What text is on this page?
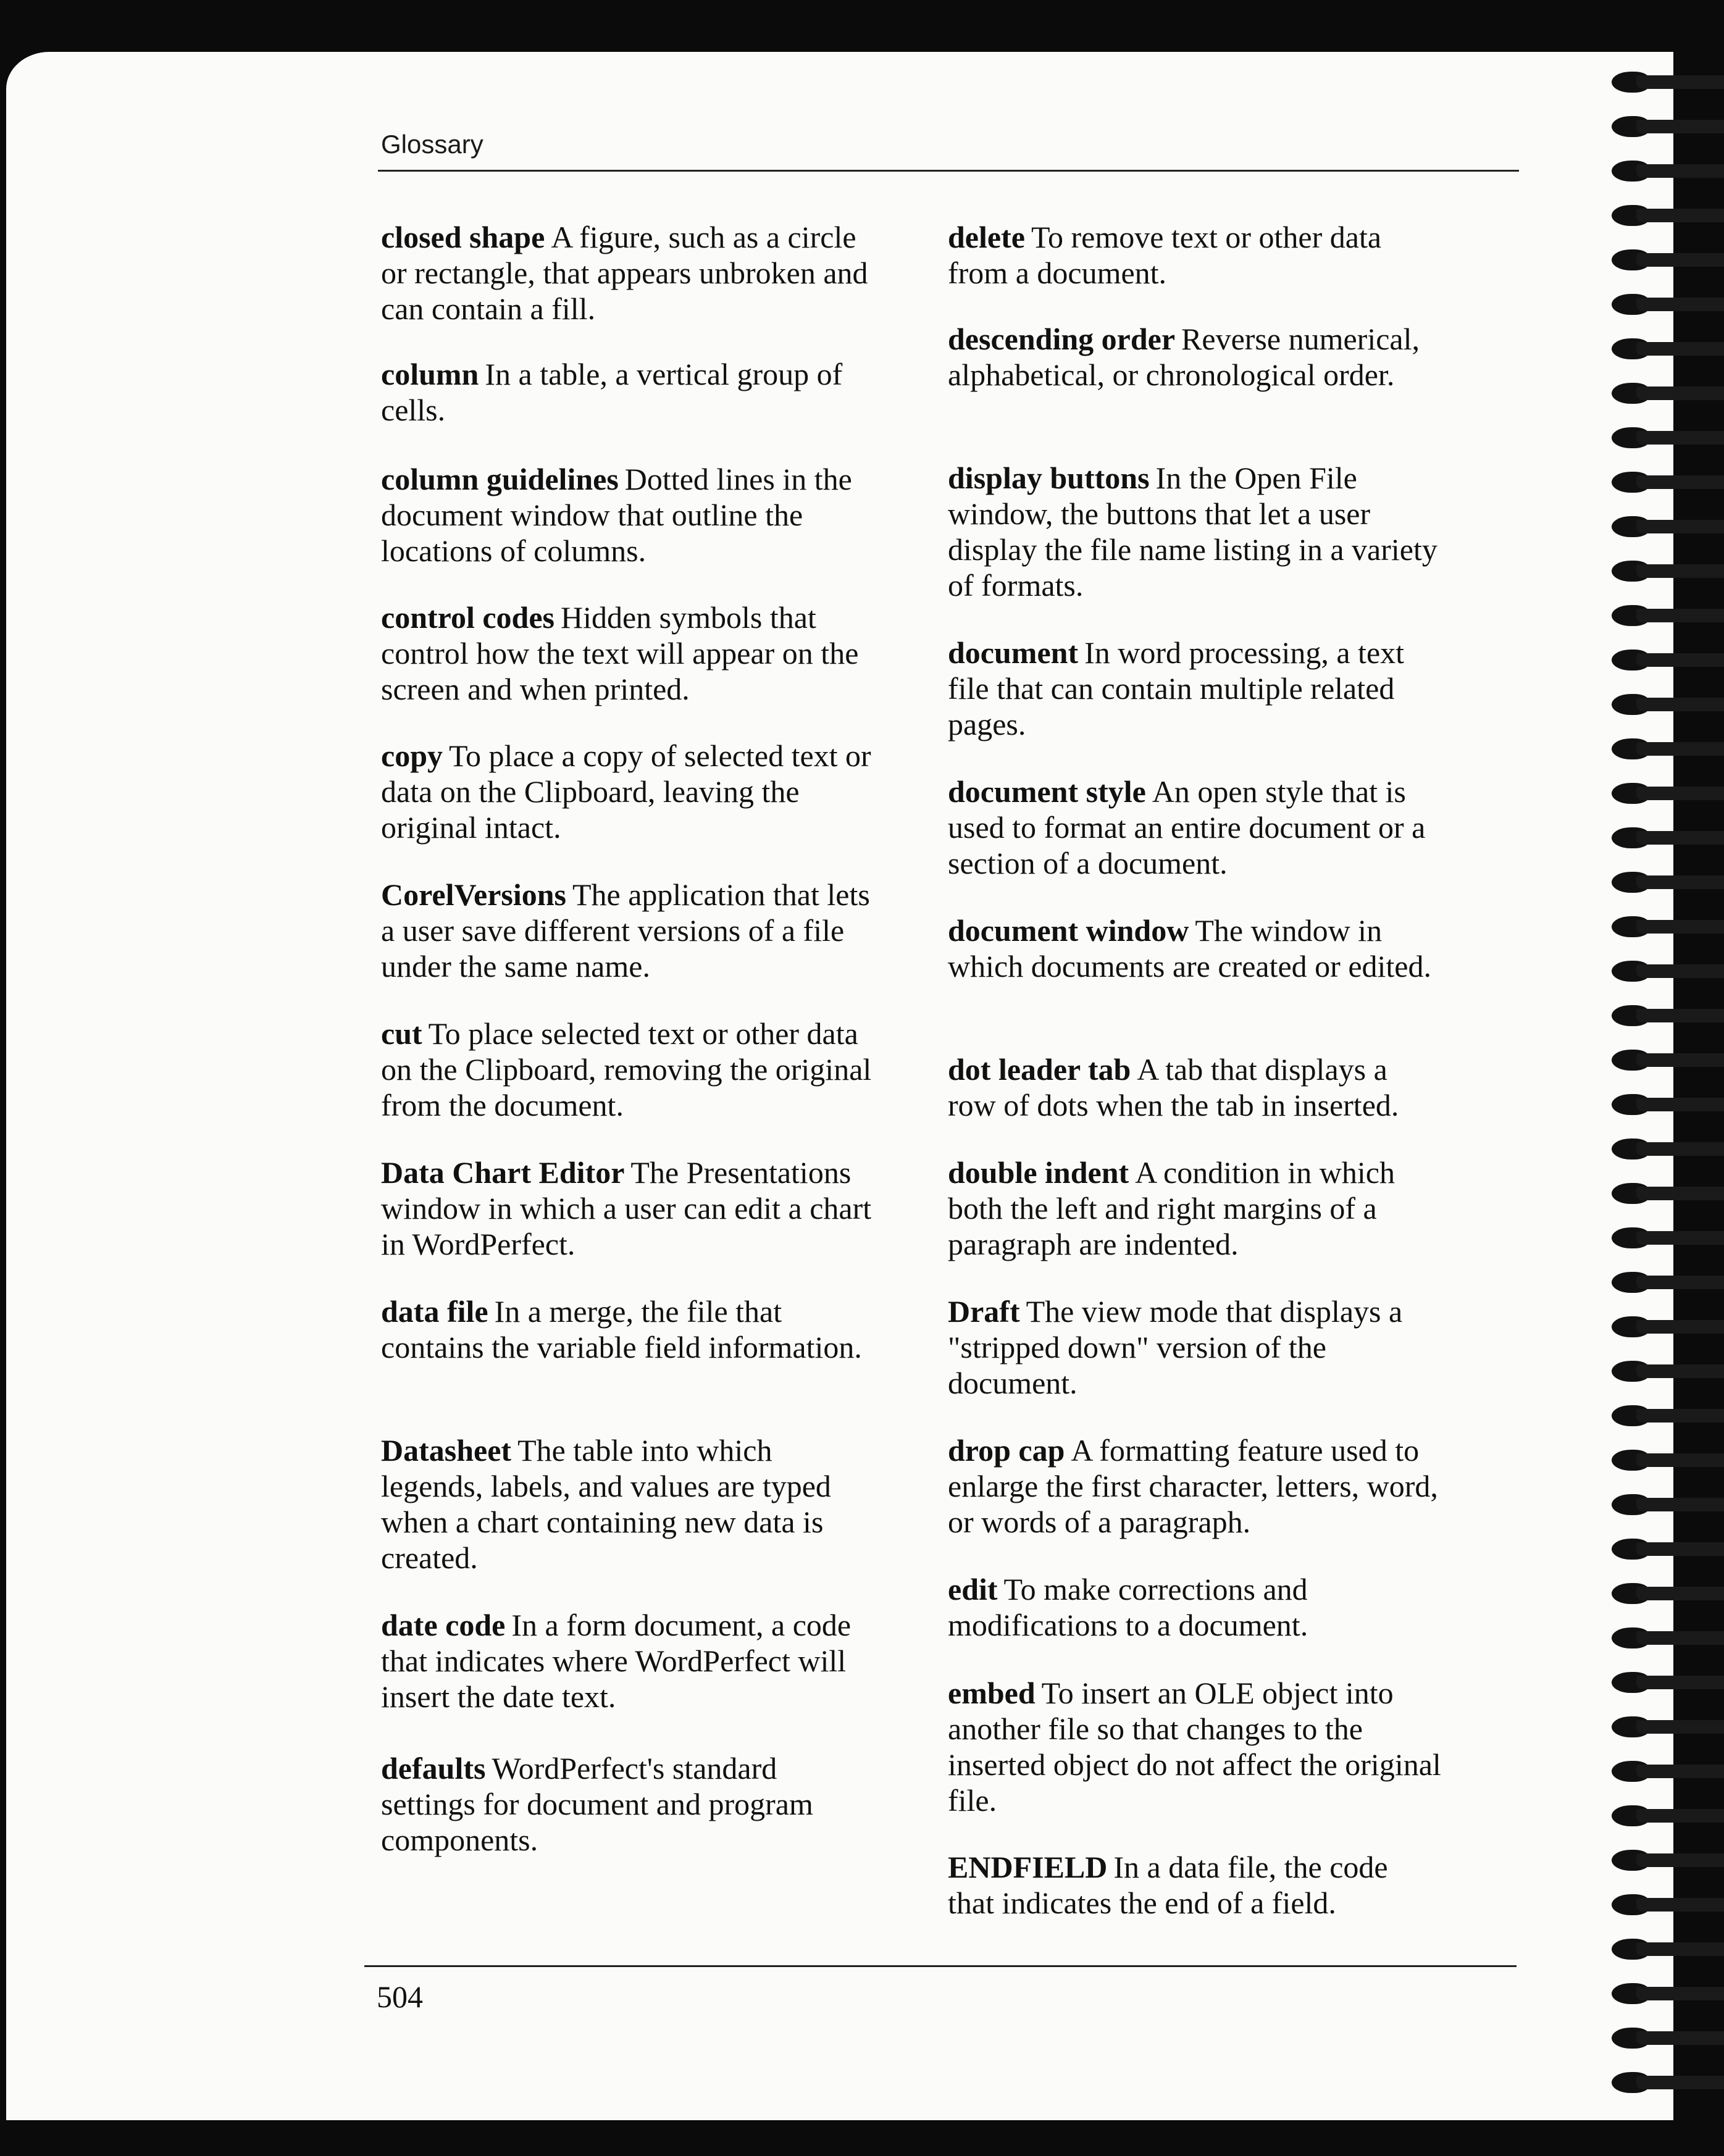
Glossary

closed shape A figure, such as a circle or rectangle, that appears unbroken and can contain a fill.

column In a table, a vertical group of cells.

column guidelines Dotted lines in the document window that outline the locations of columns.

control codes Hidden symbols that control how the text will appear on the screen and when printed.

copy To place a copy of selected text or data on the Clipboard, leaving the original intact.

CorelVersions The application that lets a user save different versions of a file under the same name.

cut To place selected text or other data on the Clipboard, removing the original from the document.

Data Chart Editor The Presentations window in which a user can edit a chart in WordPerfect.

data file In a merge, the file that contains the variable field information.

Datasheet The table into which legends, labels, and values are typed when a chart containing new data is created.

date code In a form document, a code that indicates where WordPerfect will insert the date text.

defaults WordPerfect's standard settings for document and program components.

delete To remove text or other data from a document.

descending order Reverse numerical, alphabetical, or chronological order.

display buttons In the Open File window, the buttons that let a user display the file name listing in a variety of formats.

document In word processing, a text file that can contain multiple related pages.

document style An open style that is used to format an entire document or a section of a document.

document window The window in which documents are created or edited.

dot leader tab A tab that displays a row of dots when the tab in inserted.

double indent A condition in which both the left and right margins of a paragraph are indented.

Draft The view mode that displays a "stripped down" version of the document.

drop cap A formatting feature used to enlarge the first character, letters, word, or words of a paragraph.

edit To make corrections and modifications to a document.

embed To insert an OLE object into another file so that changes to the inserted object do not affect the original file.

ENDFIELD In a data file, the code that indicates the end of a field.

504
